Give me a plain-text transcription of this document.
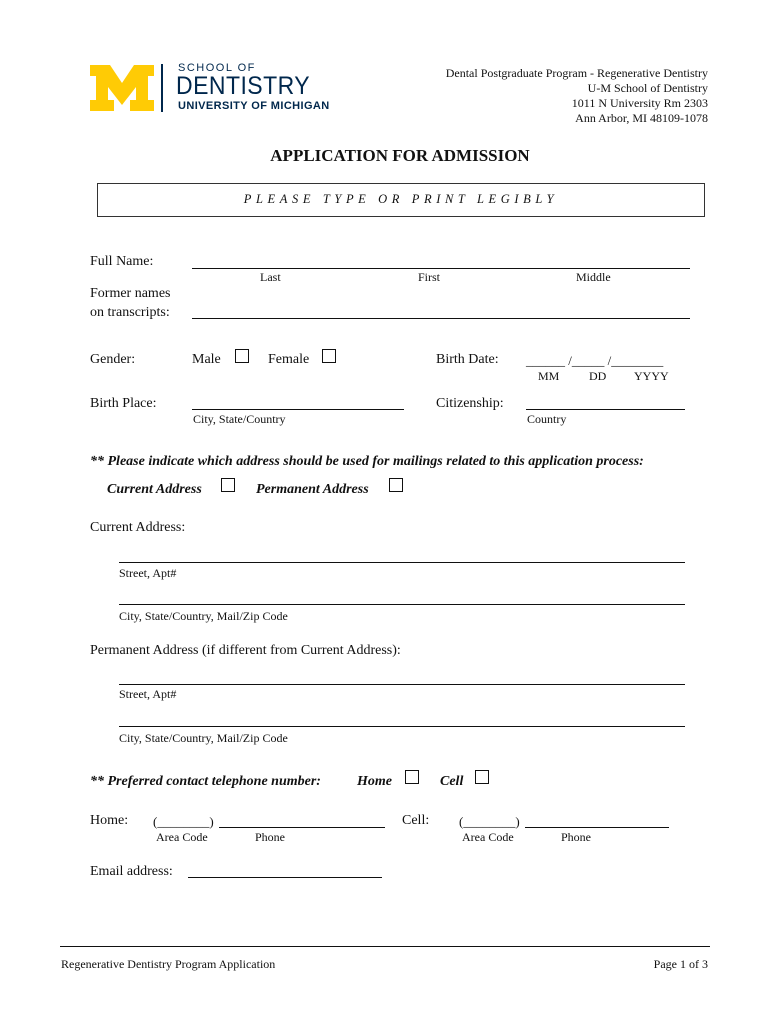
SCHOOL OF
DENTISTRY
UNIVERSITY OF MICHIGAN
Dental Postgraduate Program - Regenerative Dentistry
U-M School of Dentistry
1011 N University Rm 2303
Ann Arbor, MI 48109-1078
APPLICATION FOR ADMISSION
PLEASE TYPE OR PRINT LEGIBLY
Full Name:
Last	First	Middle
Former names
on transcripts:
Gender:	Male	Female	Birth Date: ______ /_____ /________
MM DD YYYY
Birth Place:
City, State/Country
Citizenship:
Country
** Please indicate which address should be used for mailings related to this application process:
Current Address	Permanent Address
Current Address:
Street, Apt#
City, State/Country, Mail/Zip Code
Permanent Address (if different from Current Address):
Street, Apt#
City, State/Country, Mail/Zip Code
** Preferred contact telephone number:	Home	Cell
Home: (________)
Area Code	Phone
Cell: (________)
Area Code	Phone
Email address:
Regenerative Dentistry Program Application	Page 1 of 3
